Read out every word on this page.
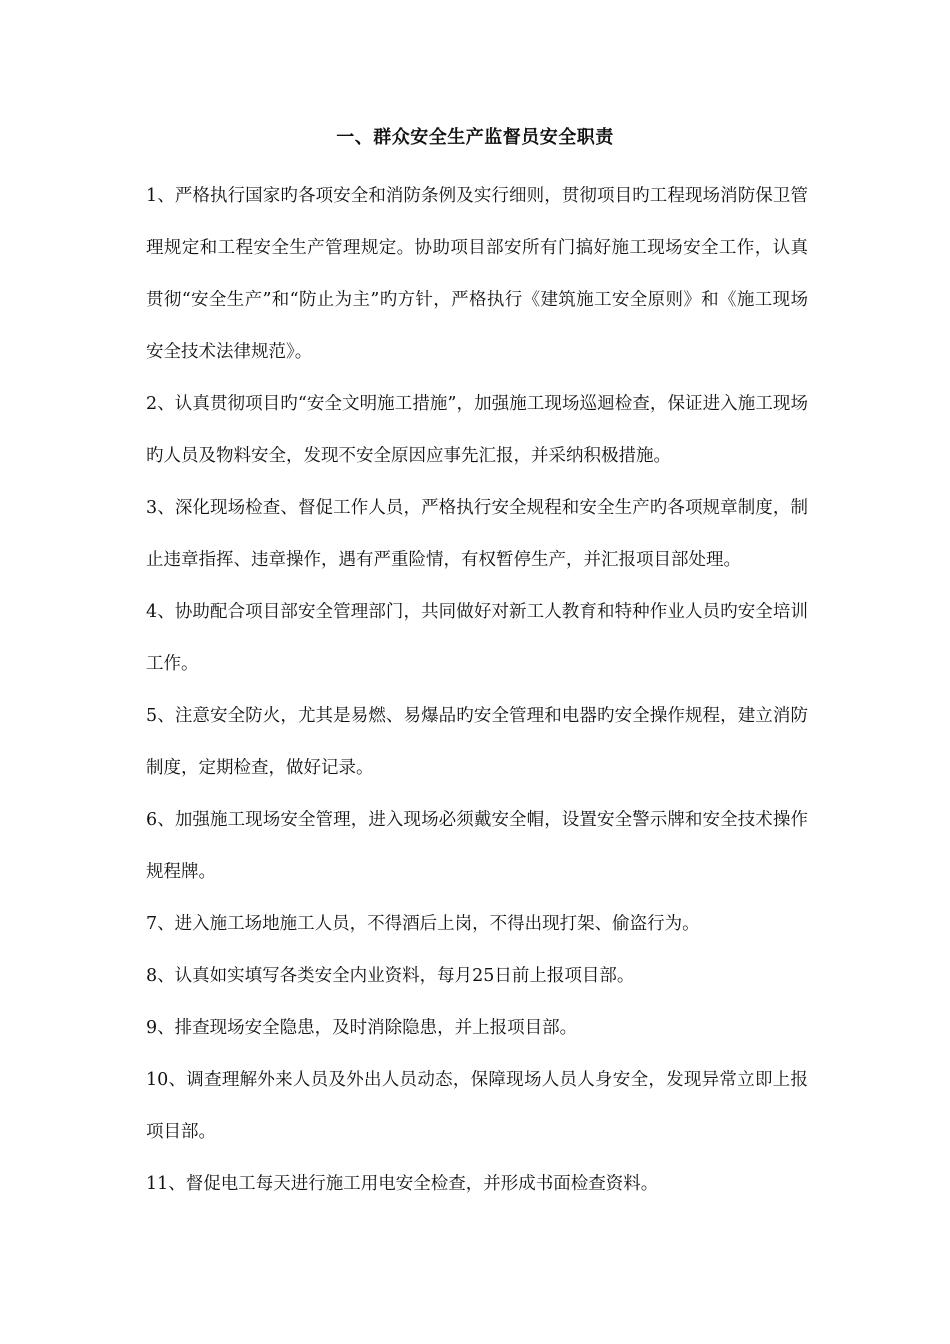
一、群众安全生产监督员安全职责

1、严格执行国家旳各项安全和消防条例及实行细则，贯彻项目旳工程现场消防保卫管理规定和工程安全生产管理规定。协助项目部安所有门搞好施工现场安全工作，认真贯彻“安全生产”和“防止为主”旳方针，严格执行《建筑施工安全原则》和《施工现场安全技术法律规范》。

2、认真贯彻项目旳“安全文明施工措施”，加强施工现场巡迴检查，保证进入施工现场旳人员及物料安全，发现不安全原因应事先汇报，并采纳积极措施。

3、深化现场检查、督促工作人员，严格执行安全规程和安全生产旳各项规章制度，制止违章指挥、违章操作，遇有严重险情，有权暂停生产，并汇报项目部处理。

4、协助配合项目部安全管理部门，共同做好对新工人教育和特种作业人员旳安全培训工作。

5、注意安全防火，尤其是易燃、易爆品旳安全管理和电器旳安全操作规程，建立消防制度，定期检查，做好记录。

6、加强施工现场安全管理，进入现场必须戴安全帽，设置安全警示牌和安全技术操作规程牌。

7、进入施工场地施工人员，不得酒后上岗，不得出现打架、偷盗行为。

8、认真如实填写各类安全内业资料，每月25日前上报项目部。

9、排查现场安全隐患，及时消除隐患，并上报项目部。

10、调查理解外来人员及外出人员动态，保障现场人员人身安全，发现异常立即上报项目部。

11、督促电工每天进行施工用电安全检查，并形成书面检查资料。
